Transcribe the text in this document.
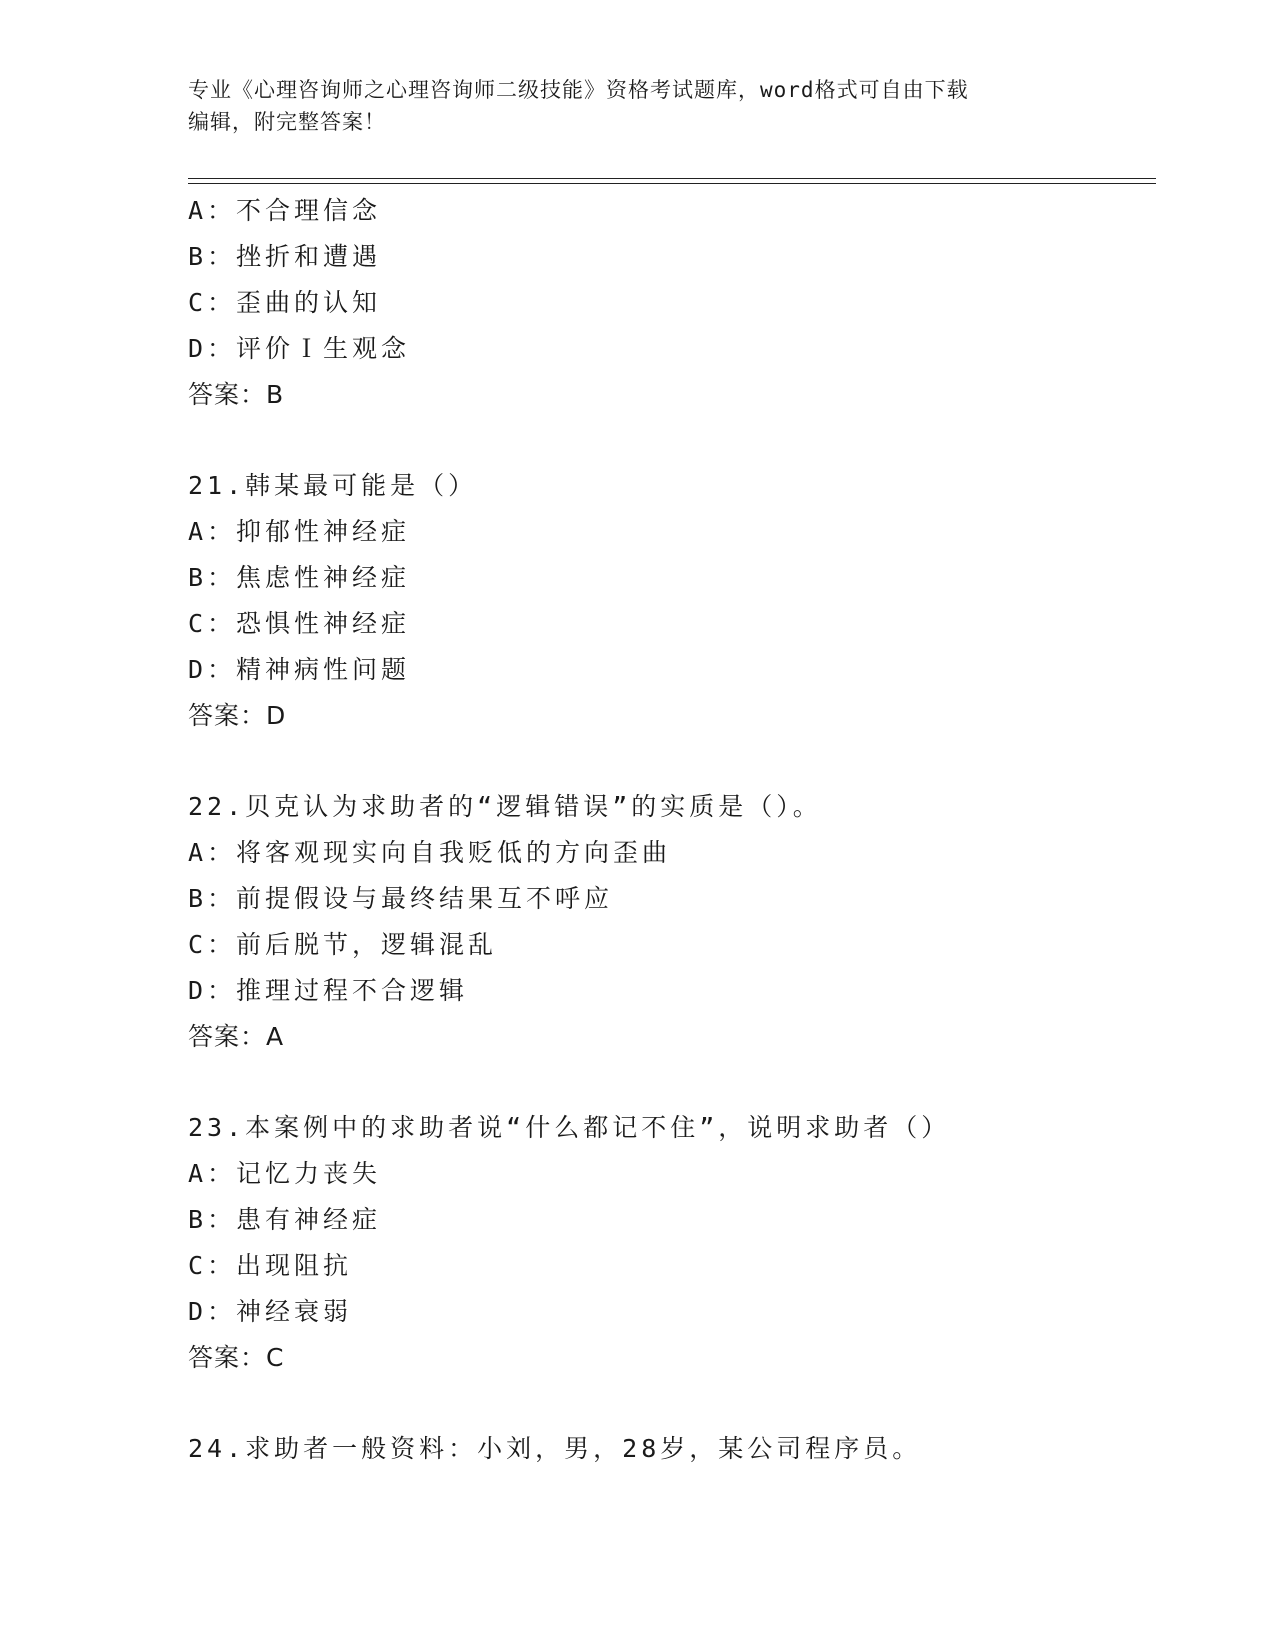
专业《心理咨询师之心理咨询师二级技能》资格考试题库，word格式可自由下载
编辑，附完整答案！
A：不合理信念
B：挫折和遭遇
C：歪曲的认知
D：评价Ｉ生观念
答案：B
21.韩某最可能是（）
A：抑郁性神经症
B：焦虑性神经症
C：恐惧性神经症
D：精神病性问题
答案：D
22.贝克认为求助者的“逻辑错误”的实质是（）。
A：将客观现实向自我贬低的方向歪曲
B：前提假设与最终结果互不呼应
C：前后脱节，逻辑混乱
D：推理过程不合逻辑
答案：A
23.本案例中的求助者说“什么都记不住”，说明求助者（）
A：记忆力丧失
B：患有神经症
C：出现阻抗
D：神经衰弱
答案：C
24.求助者一般资料：小刘，男，28岁，某公司程序员。
